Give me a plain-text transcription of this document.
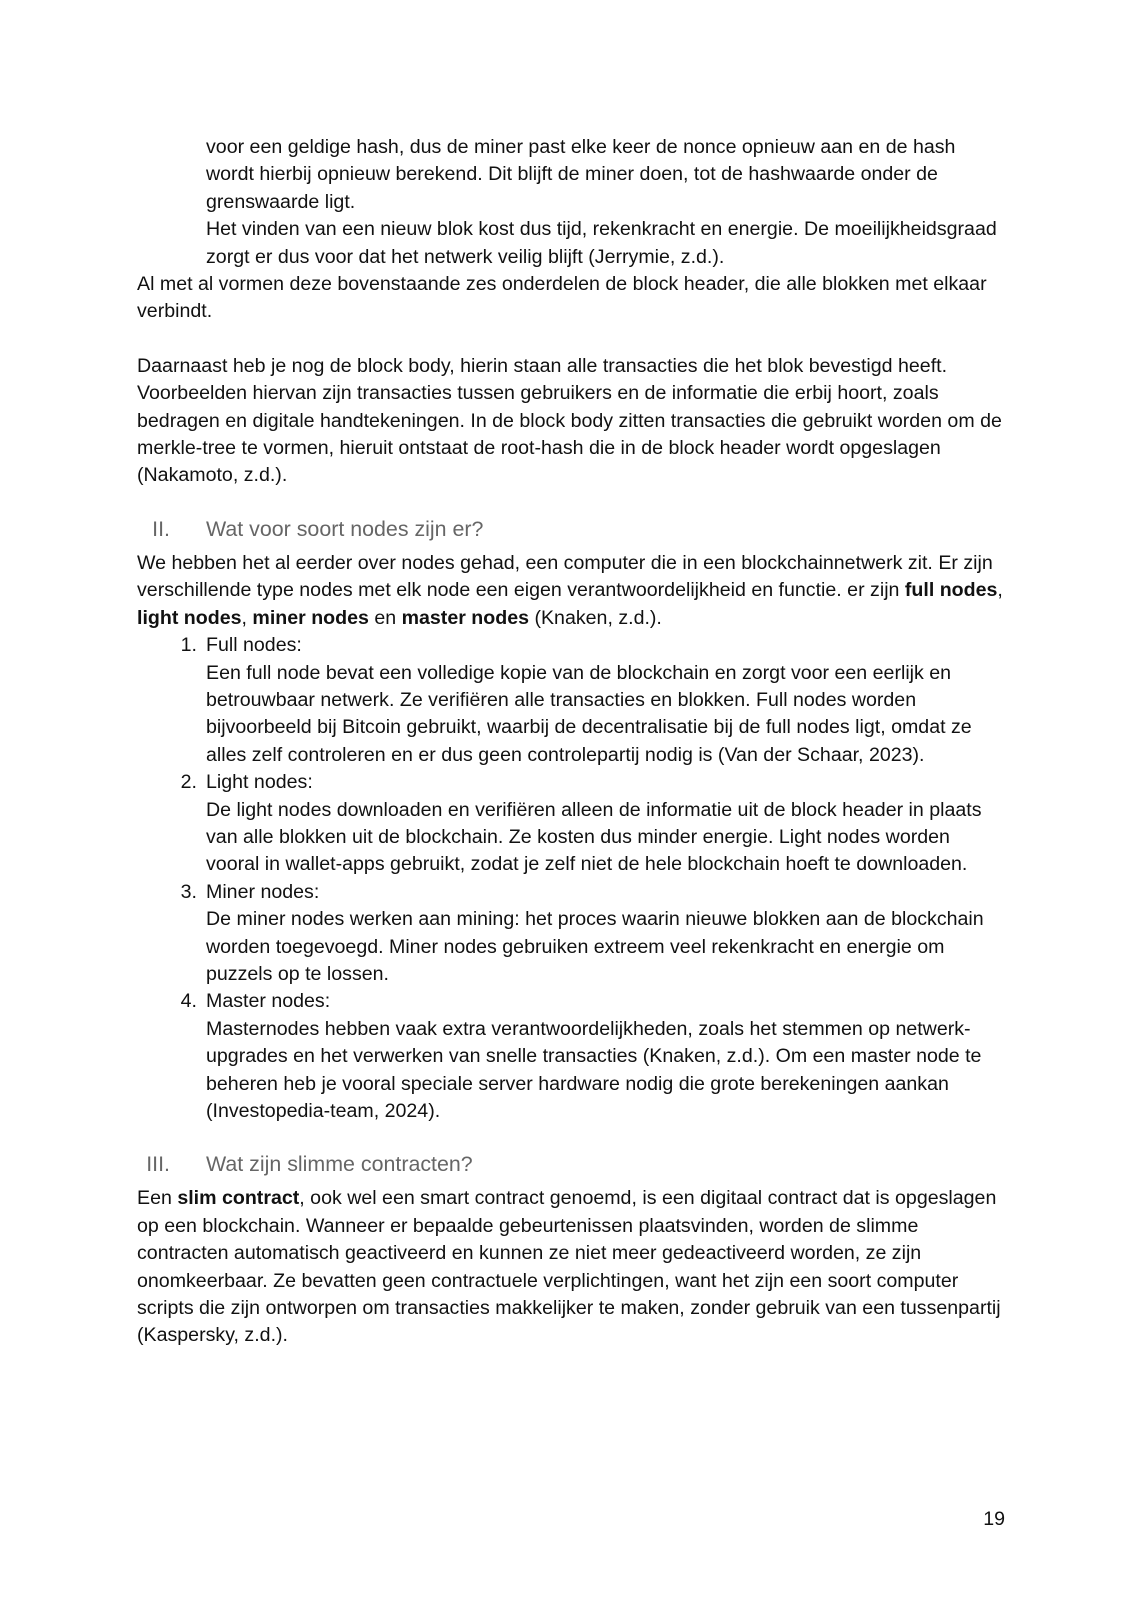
voor een geldige hash, dus de miner past elke keer de nonce opnieuw aan en de hash wordt hierbij opnieuw berekend. Dit blijft de miner doen, tot de hashwaarde onder de grenswaarde ligt.

Het vinden van een nieuw blok kost dus tijd, rekenkracht en energie. De moeilijkheidsgraad zorgt er dus voor dat het netwerk veilig blijft (Jerrymie, z.d.).

Al met al vormen deze bovenstaande zes onderdelen de block header, die alle blokken met elkaar verbindt.

Daarnaast heb je nog de block body, hierin staan alle transacties die het blok bevestigd heeft. Voorbeelden hiervan zijn transacties tussen gebruikers en de informatie die erbij hoort, zoals bedragen en digitale handtekeningen. In de block body zitten transacties die gebruikt worden om de merkle-tree te vormen, hieruit ontstaat de root-hash die in de block header wordt opgeslagen (Nakamoto, z.d.).

II.	Wat voor soort nodes zijn er?

We hebben het al eerder over nodes gehad, een computer die in een blockchainnetwerk zit. Er zijn verschillende type nodes met elk node een eigen verantwoordelijkheid en functie. er zijn full nodes, light nodes, miner nodes en master nodes (Knaken, z.d.).

1. Full nodes:

Een full node bevat een volledige kopie van de blockchain en zorgt voor een eerlijk en betrouwbaar netwerk. Ze verifiëren alle transacties en blokken. Full nodes worden bijvoorbeeld bij Bitcoin gebruikt, waarbij de decentralisatie bij de full nodes ligt, omdat ze alles zelf controleren en er dus geen controlepartij nodig is (Van der Schaar, 2023).

2. Light nodes:

De light nodes downloaden en verifiëren alleen de informatie uit de block header in plaats van alle blokken uit de blockchain. Ze kosten dus minder energie. Light nodes worden vooral in wallet-apps gebruikt, zodat je zelf niet de hele blockchain hoeft te downloaden.

3. Miner nodes:

De miner nodes werken aan mining: het proces waarin nieuwe blokken aan de blockchain worden toegevoegd. Miner nodes gebruiken extreem veel rekenkracht en energie om puzzels op te lossen.

4. Master nodes:

Masternodes hebben vaak extra verantwoordelijkheden, zoals het stemmen op netwerk-upgrades en het verwerken van snelle transacties (Knaken, z.d.). Om een master node te beheren heb je vooral speciale server hardware nodig die grote berekeningen aankan (Investopedia-team, 2024).

III.	Wat zijn slimme contracten?

Een slim contract, ook wel een smart contract genoemd, is een digitaal contract dat is opgeslagen op een blockchain. Wanneer er bepaalde gebeurtenissen plaatsvinden, worden de slimme contracten automatisch geactiveerd en kunnen ze niet meer gedeactiveerd worden, ze zijn onomkeerbaar. Ze bevatten geen contractuele verplichtingen, want het zijn een soort computer scripts die zijn ontworpen om transacties makkelijker te maken, zonder gebruik van een tussenpartij (Kaspersky, z.d.).

19
